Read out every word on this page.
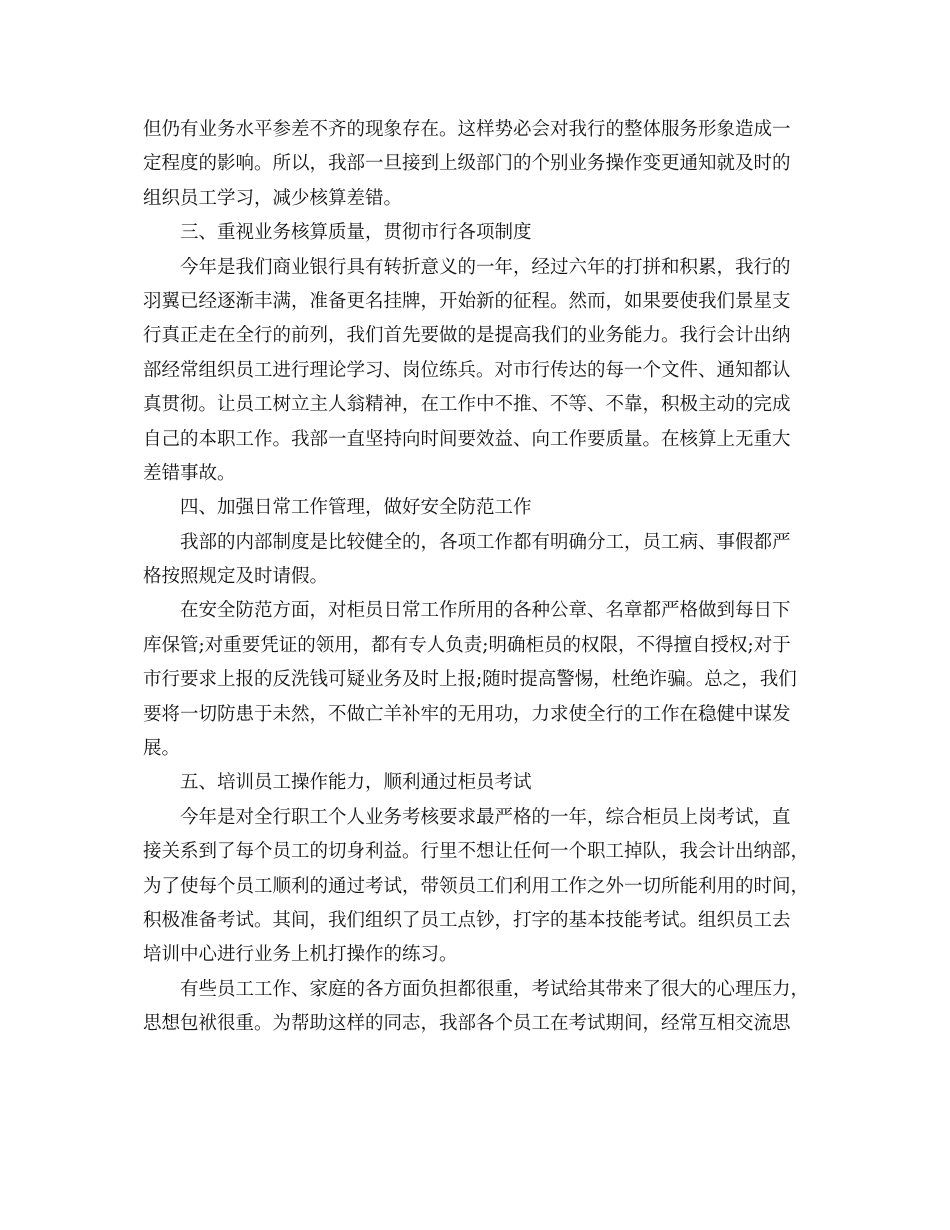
但仍有业务水平参差不齐的现象存在。这样势必会对我行的整体服务形象造成一
定程度的影响。所以，我部一旦接到上级部门的个别业务操作变更通知就及时的
组织员工学习，减少核算差错。
三、重视业务核算质量，贯彻市行各项制度
今年是我们商业银行具有转折意义的一年，经过六年的打拼和积累，我行的
羽翼已经逐渐丰满，准备更名挂牌，开始新的征程。然而，如果要使我们景星支
行真正走在全行的前列，我们首先要做的是提高我们的业务能力。我行会计出纳
部经常组织员工进行理论学习、岗位练兵。对市行传达的每一个文件、通知都认
真贯彻。让员工树立主人翁精神，在工作中不推、不等、不靠，积极主动的完成
自己的本职工作。我部一直坚持向时间要效益、向工作要质量。在核算上无重大
差错事故。
四、加强日常工作管理，做好安全防范工作
我部的内部制度是比较健全的，各项工作都有明确分工，员工病、事假都严
格按照规定及时请假。
在安全防范方面，对柜员日常工作所用的各种公章、名章都严格做到每日下
库保管;对重要凭证的领用，都有专人负责;明确柜员的权限，不得擅自授权;对于
市行要求上报的反洗钱可疑业务及时上报;随时提高警惕，杜绝诈骗。总之，我们
要将一切防患于未然，不做亡羊补牢的无用功，力求使全行的工作在稳健中谋发
展。
五、培训员工操作能力，顺利通过柜员考试
今年是对全行职工个人业务考核要求最严格的一年，综合柜员上岗考试，直
接关系到了每个员工的切身利益。行里不想让任何一个职工掉队，我会计出纳部，
为了使每个员工顺利的通过考试，带领员工们利用工作之外一切所能利用的时间，
积极准备考试。其间，我们组织了员工点钞，打字的基本技能考试。组织员工去
培训中心进行业务上机打操作的练习。
有些员工工作、家庭的各方面负担都很重，考试给其带来了很大的心理压力，
思想包袱很重。为帮助这样的同志，我部各个员工在考试期间，经常互相交流思
